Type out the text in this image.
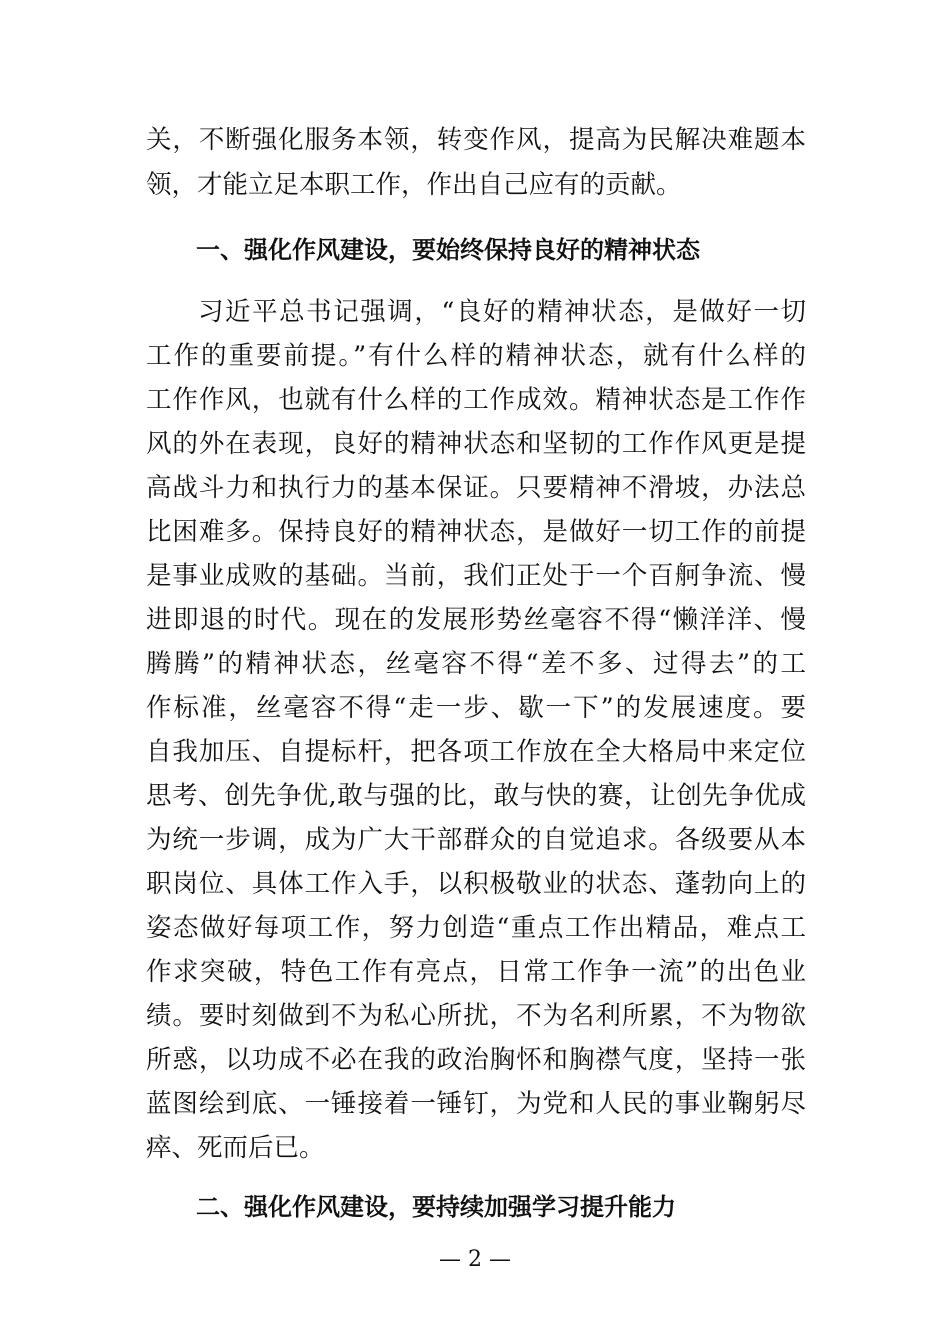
关，不断强化服务本领，转变作风，提高为民解决难题本
领，才能立足本职工作，作出自己应有的贡献。
一、强化作风建设，要始终保持良好的精神状态
习近平总书记强调，“良好的精神状态，是做好一切
工作的重要前提。”有什么样的精神状态，就有什么样的
工作作风，也就有什么样的工作成效。精神状态是工作作
风的外在表现，良好的精神状态和坚韧的工作作风更是提
高战斗力和执行力的基本保证。只要精神不滑坡，办法总
比困难多。保持良好的精神状态，是做好一切工作的前提
是事业成败的基础。当前，我们正处于一个百舸争流、慢
进即退的时代。现在的发展形势丝毫容不得“懒洋洋、慢
腾腾”的精神状态，丝毫容不得“差不多、过得去”的工
作标准，丝毫容不得“走一步、歇一下”的发展速度。要
自我加压、自提标杆，把各项工作放在全大格局中来定位
思考、创先争优,敢与强的比，敢与快的赛，让创先争优成
为统一步调，成为广大干部群众的自觉追求。各级要从本
职岗位、具体工作入手，以积极敬业的状态、蓬勃向上的
姿态做好每项工作，努力创造“重点工作出精品，难点工
作求突破，特色工作有亮点，日常工作争一流”的出色业
绩。要时刻做到不为私心所扰，不为名利所累，不为物欲
所惑，以功成不必在我的政治胸怀和胸襟气度，坚持一张
蓝图绘到底、一锤接着一锤钉，为党和人民的事业鞠躬尽
瘁、死而后已。
二、强化作风建设，要持续加强学习提升能力
— 2 —
